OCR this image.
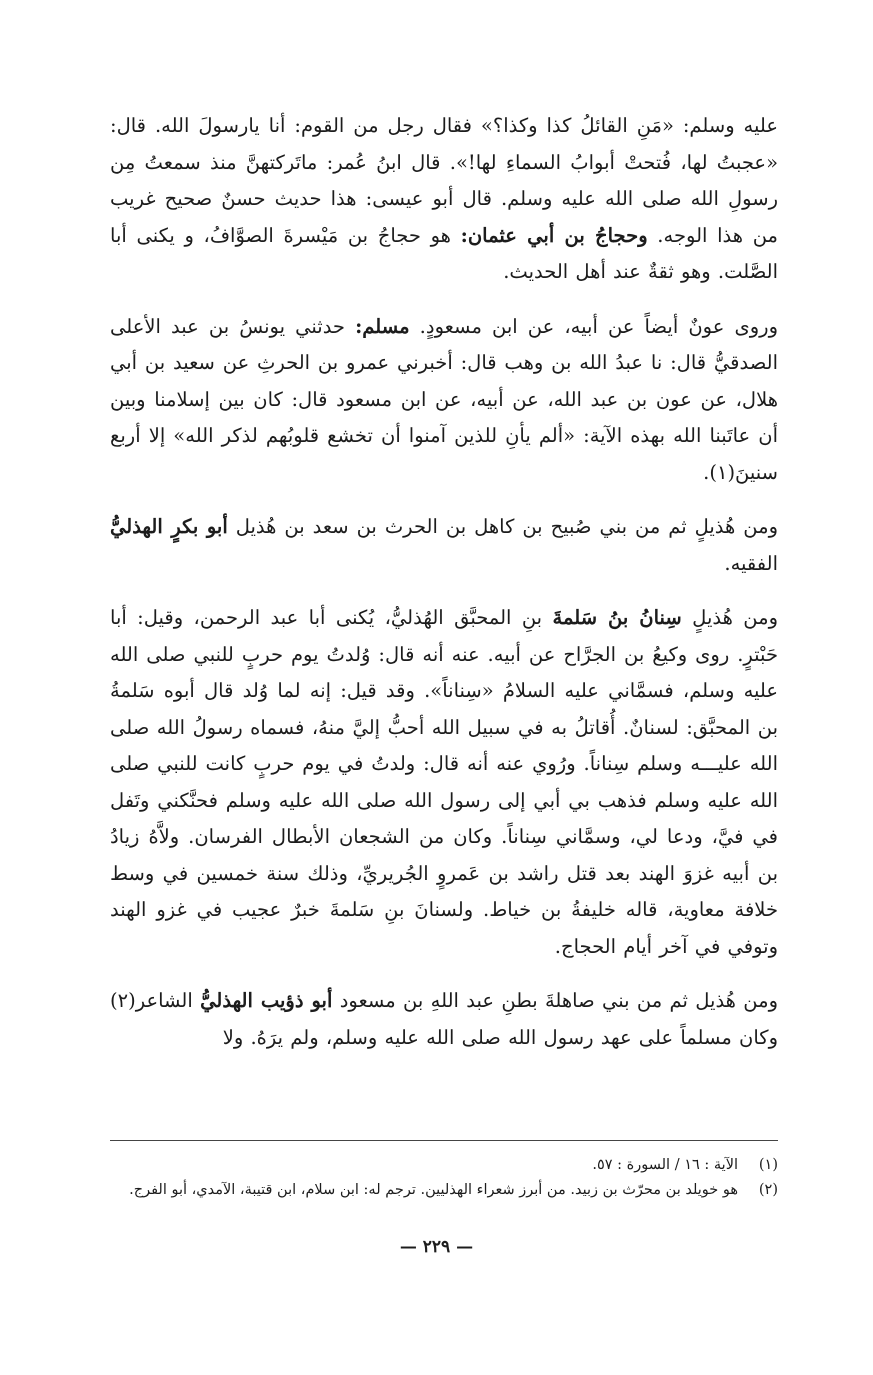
عليه وسلم: «مَنِ القائلُ كذا وكذا؟» فقال رجل من القوم: أنا يارسولَ الله. قال: «عجبتُ لها، فُتحتْ أبوابُ السماءِ لها!». قال ابنُ عُمر: ماتَركتهنَّ منذ سمعتُ مِن رسولِ الله صلى الله عليه وسلم. قال أبو عيسى: هذا حديث حسنٌ صحيح غريب من هذا الوجه. وحجاجُ بن أبي عثمان: هو حجاجُ بن مَيْسرةَ الصوَّافُ، و يكنى أبا الصَّلت. وهو ثقةٌ عند أهل الحديث.

وروى عونٌ أيضاً عن أبيه، عن ابن مسعودٍ. مسلم: حدثني يونسُ بن عبد الأعلى الصدقيُّ قال: نا عبدُ الله بن وهب قال: أخبرني عمرو بن الحرثِ عن سعيد بن أبي هلال، عن عون بن عبد الله، عن أبيه، عن ابن مسعود قال: كان بين إسلامنا وبين أن عاتَبنا الله بهذه الآية: «ألم يأنِ للذين آمنوا أن تخشع قلوبُهم لذكر الله» إلا أربع سنينَ(١).

ومن هُذيلٍ ثم من بني صُبيح بن كاهل بن الحرث بن سعد بن هُذيل أبو بكرٍ الهذليُّ الفقيه.

ومن هُذيلٍ سِنانُ بنُ سَلمةَ بنِ المحبَّق الهُذليُّ، يُكنى أبا عبد الرحمن، وقيل: أبا حَبْترٍ. روى وكيعُ بن الجرَّاح عن أبيه. عنه أنه قال: وُلدتُ يوم حربٍ للنبي صلى الله عليه وسلم، فسمَّاني عليه السلامُ «سِناناً». وقد قيل: إنه لما وُلد قال أبوه سَلمةُ بن المحبَّق: لسنانٌ. أُقاتلُ به في سبيل الله أحبُّ إليَّ منهُ، فسماه رسولُ الله صلى الله عليـــه وسلم سِناناً. ورُوي عنه أنه قال: ولدتُ في يوم حربٍ كانت للنبي صلى الله عليه وسلم فذهب بي أبي إلى رسول الله صلى الله عليه وسلم فحنَّكني وتَفل في فيَّ، ودعا لي، وسمَّاني سِناناً. وكان من الشجعان الأبطال الفرسان. ولاَّهُ زيادُ بن أبيه غزوَ الهند بعد قتل راشد بن عَمروٍ الجُريريِّ، وذلك سنة خمسين في وسط خلافة معاوية، قاله خليفةُ بن خياط. ولسنانَ بنِ سَلمةَ خبرٌ عجيب في غزو الهند وتوفي في آخر أيام الحجاج.

ومن هُذيل ثم من بني صاهلةَ بطنِ عبد اللهِ بن مسعود أبو ذؤيب الهذليُّ الشاعر(٢) وكان مسلماً على عهد رسول الله صلى الله عليه وسلم، ولم يرَهُ. ولا

(١)
الآية : ١٦ / السورة : ٥٧.
(٢)
هو خويلد بن محرّث بن زبيد. من أبرز شعراء الهذليين. ترجم له: ابن سلام، ابن قتيبة، الآمدي، أبو الفرج.
— ٢٢٩ —
